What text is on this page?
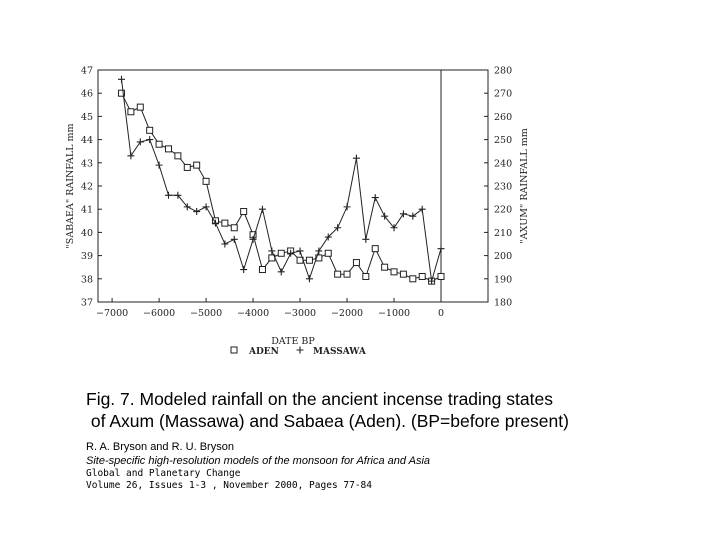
37
38
39
40
41
42
43
44
45
46
47
180
190
200
210
220
230
240
250
260
270
280
−7000 −6000 −5000 −4000 −3000 −2000 −1000	0
"SABAEA" RAINFALL mm	"AXUM" RAINFALL mm
DATE BP
ADEN	MASSAWA
Fig. 7. Modeled rainfall on the ancient incense trading states
of Axum (Massawa) and Sabaea (Aden). (BP=before present)
R. A. Bryson and R. U. Bryson
Site-specific high-resolution models of the monsoon for Africa and Asia
Global and Planetary Change
Volume 26, Issues 1-3 , November 2000, Pages 77-84
